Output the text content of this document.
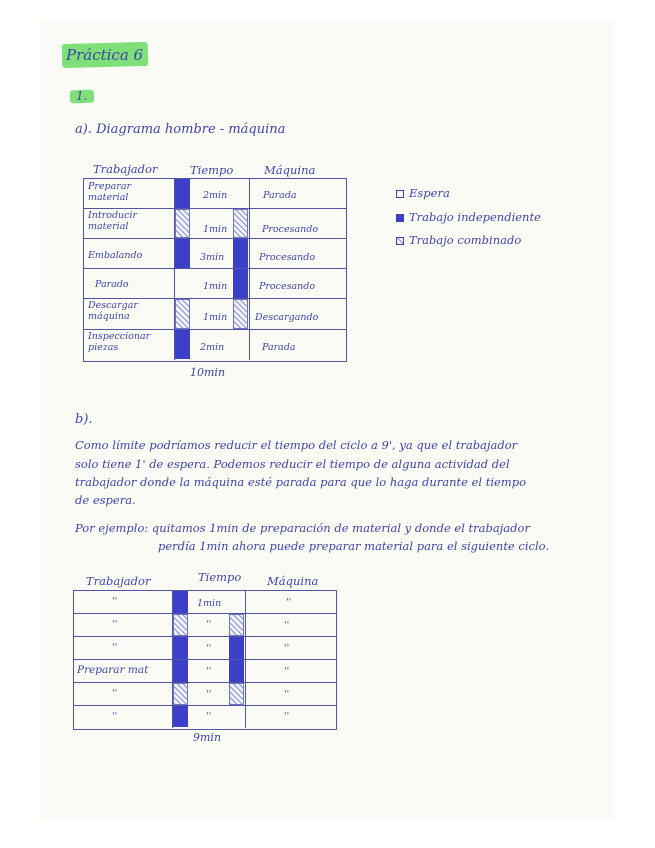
Práctica 6
1.
a). Diagrama hombre - máquina
Trabajador	Tiempo	Máquina
Preparar material	2min	Parada
Introducir material	1min	Procesando
Embalando	3min	Procesando
Parado	1min	Procesando
Descargar máquina	1min	Descargando
Inspeccionar piezas	2min	Parada
10min
Espera
Trabajo independiente
Trabajo combinado
b).
Como límite podríamos reducir el tiempo del ciclo a 9', ya que el trabajador
solo tiene 1' de espera. Podemos reducir el tiempo de alguna actividad del
trabajador donde la máquina esté parada para que lo haga durante el tiempo
de espera.
Por ejemplo: quitamos 1min de preparación de material y donde el trabajador
perdía 1min ahora puede preparar material para el siguiente ciclo.
Trabajador	Tiempo Máquina
''	1min	''
''	''	''
''	''	''
Preparar mat	''	''
''	''	''
''	''	''
9min
